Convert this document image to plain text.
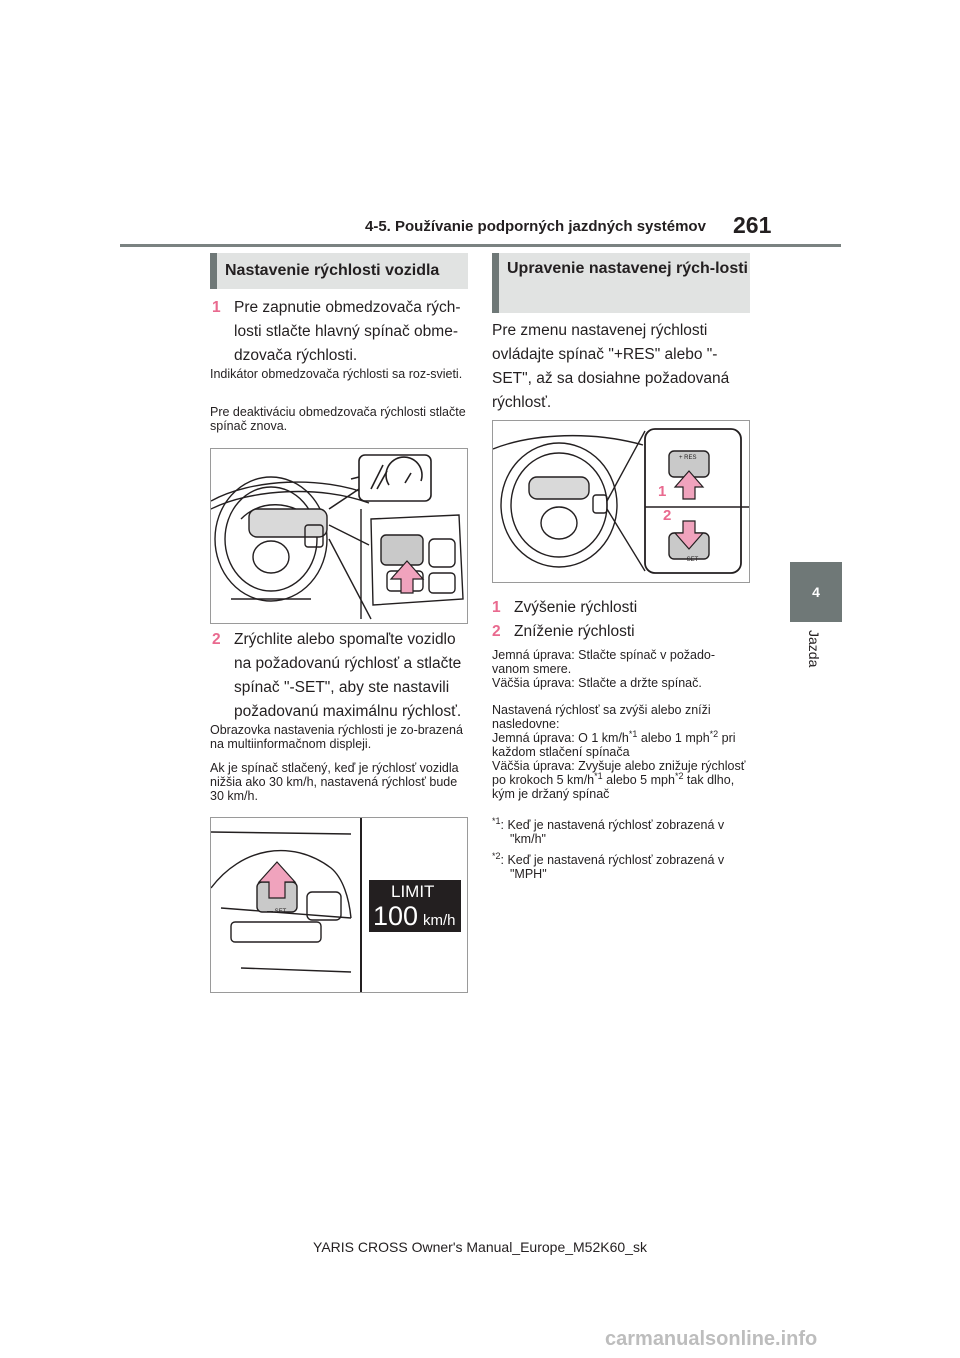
4-5. Používanie podporných jazdných systémov 261
4
Jazda
Nastavenie rýchlosti vozidla
1 Pre zapnutie obmedzovača rých-losti stlačte hlavný spínač obme-dzovača rýchlosti.
Indikátor obmedzovača rýchlosti sa roz-svieti.
Pre deaktiváciu obmedzovača rýchlosti stlačte spínač znova.
2 Zrýchlite alebo spomaľte vozidlo na požadovanú rýchlosť a stlačte spínač "-SET", aby ste nastavili požadovanú maximálnu rýchlosť.
Obrazovka nastavenia rýchlosti je zo-brazená na multiinformačnom displeji.
Ak je spínač stlačený, keď je rýchlosť vozidla nižšia ako 30 km/h, nastavená rýchlosť bude 30 km/h.
— SET
LIMIT
100 km/h
Upravenie nastavenej rých-losti
Pre zmenu nastavenej rýchlosti ovládajte spínač "+RES" alebo "-SET", až sa dosiahne požadovaná rýchlosť.
+ RES
— SET
1
2
1 Zvýšenie rýchlosti
2 Zníženie rýchlosti
Jemná úprava: Stlačte spínač v požado-vanom smere.
Väčšia úprava: Stlačte a držte spínač.
Nastavená rýchlosť sa zvýši alebo zníži nasledovne:
Jemná úprava: O 1 $km/h^{*1}$ alebo 1 mph$^{*2}$ pri každom stlačení spínača
Väčšia úprava: Zvyšuje alebo znižuje rýchlosť po krokoch 5 $km/h^{*1}$ alebo 5 mph$^{*2}$ tak dlho, kým je držaný spínač
$^{*1}$: Keď je nastavená rýchlosť zobrazená v "km/h"
$^{*2}$: Keď je nastavená rýchlosť zobrazená v "MPH"
YARIS CROSS Owner's Manual_Europe_M52K60_sk
carmanualsonline.info
